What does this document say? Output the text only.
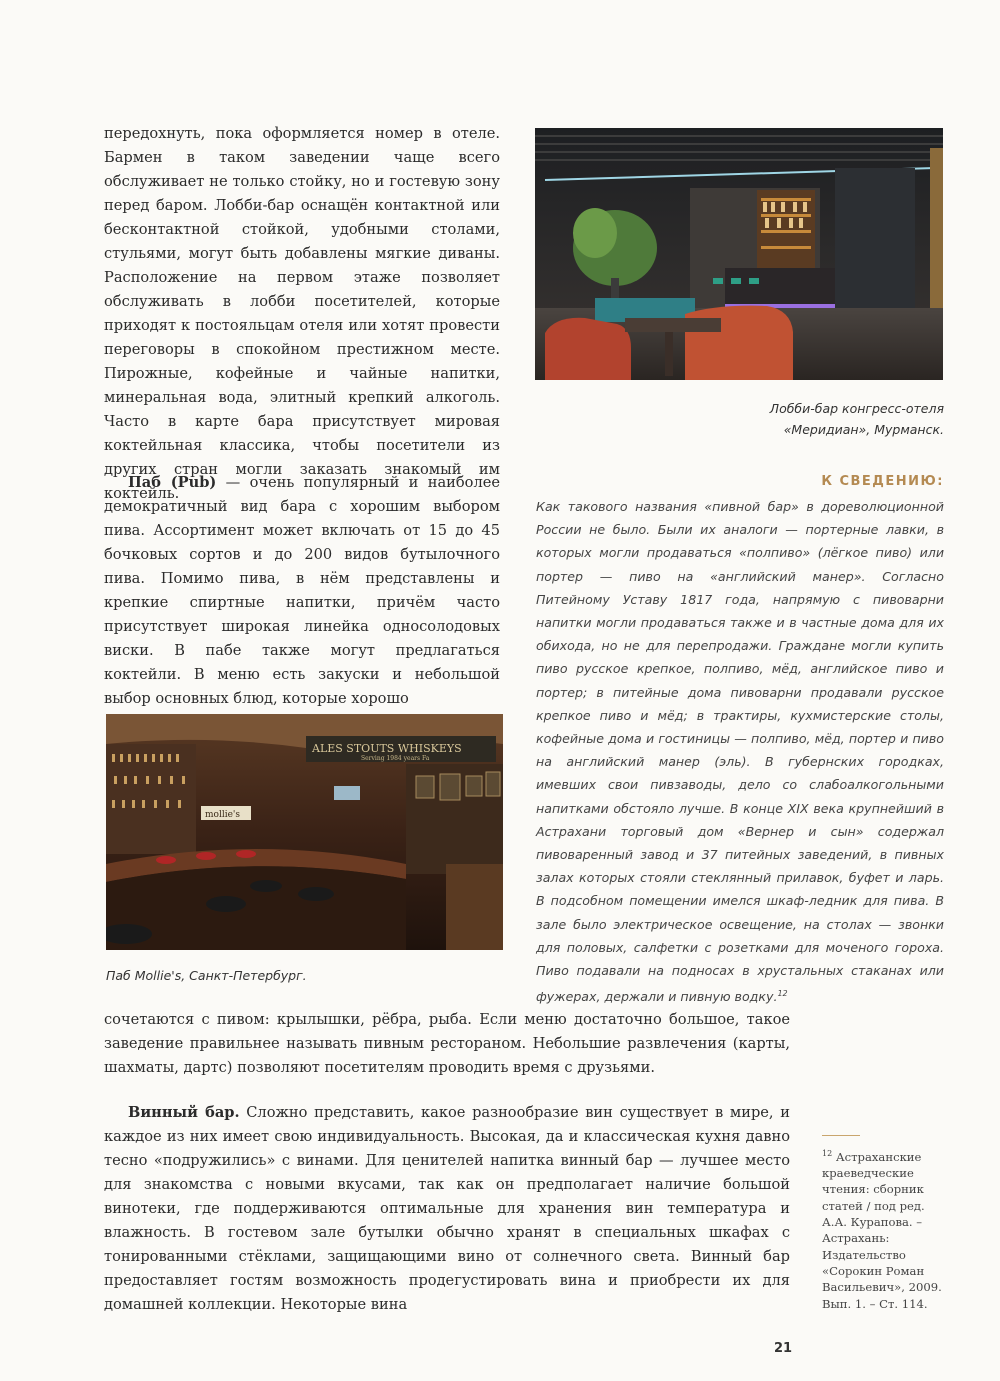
передохнуть, пока оформляется номер в отеле. Бармен в таком заведении чаще всего обслуживает не только стойку, но и гостевую зону перед баром. Лобби-бар оснащён контактной или бесконтактной стойкой, удобными столами, стульями, могут быть добавлены мягкие диваны. Расположение на первом этаже позволяет обслуживать в лобби посетителей, которые приходят к постояльцам отеля или хотят провести переговоры в спокойном престижном месте. Пирожные, кофейные и чайные напитки, минеральная вода, элитный крепкий алкоголь. Часто в карте бара присутствует мировая коктейльная классика, чтобы посетители из других стран могли заказать знакомый им коктейль.

Лобби-бар конгресс-отеля
«Меридиан», Мурманск.

Паб (Pub) — очень популярный и наиболее демократичный вид бара с хорошим выбором пива. Ассортимент может включать от 15 до 45 бочковых сортов и до 200 видов бутылочного пива. Помимо пива, в нём представлены и крепкие спиртные напитки, причём часто присутствует широкая линейка односолодовых виски. В пабе также могут предлагаться коктейли. В меню есть закуски и небольшой выбор основных блюд, которые хорошо

К СВЕДЕНИЮ:
Как такового названия «пивной бар» в дореволюционной России не было. Были их аналоги — портерные лавки, в которых могли продаваться «полпиво» (лёгкое пиво) или портер — пиво на «английский манер». Согласно Питейному Уставу 1817 года, напрямую с пивоварни напитки могли продаваться также и в частные дома для их обихода, но не для перепродажи. Граждане могли купить пиво русское крепкое, полпиво, мёд, английское пиво и портер; в питейные дома пивоварни продавали русское крепкое пиво и мёд; в трактиры, кухмистерские столы, кофейные дома и гостиницы — полпиво, мёд, портер и пиво на английский манер (эль). В губернских городках, имевших свои пивзаводы, дело со слабоалкогольными напитками обстояло лучше. В конце XIX века крупнейший в Астрахани торговый дом «Вернер и сын» содержал пивоваренный завод и 37 питейных заведений, в пивных залах которых стояли стеклянный прилавок, буфет и ларь. В подсобном помещении имелся шкаф-ледник для пива. В зале было электрическое освещение, на столах — звонки для половых, салфетки с розетками для моченого гороха. Пиво подавали на подносах в хрустальных стаканах или фужерах, держали и пивную водку.$^{12}$
ALES STOUTS WHISKEYS
Serving 1984 years Fa
mollie's
Паб Mollie's, Санкт-Петербург.

сочетаются с пивом: крылышки, рёбра, рыба. Если меню достаточно большое, такое заведение правильнее называть пивным рестораном. Небольшие развлечения (карты, шахматы, дартс) позволяют посетителям проводить время с друзьями.

Винный бар. Сложно представить, какое разнообразие вин существует в мире, и каждое из них имеет свою индивидуальность. Высокая, да и классическая кухня давно тесно «подружились» с винами. Для ценителей напитка винный бар — лучшее место для знакомства с новыми вкусами, так как он предполагает наличие большой винотеки, где поддерживаются оптимальные для хранения вин температура и влажность. В гостевом зале бутылки обычно хранят в специальных шкафах с тонированными стёклами, защищающими вино от солнечного света. Винный бар предоставляет гостям возможность продегустировать вина и приобрести их для домашней коллекции. Некоторые вина

$^{12}$ Астраханские краеведческие чтения: сборник статей / под ред. А.А. Курапова. – Астрахань: Издательство «Сорокин Роман Васильевич», 2009. Вып. 1. – Ст. 114.
21
